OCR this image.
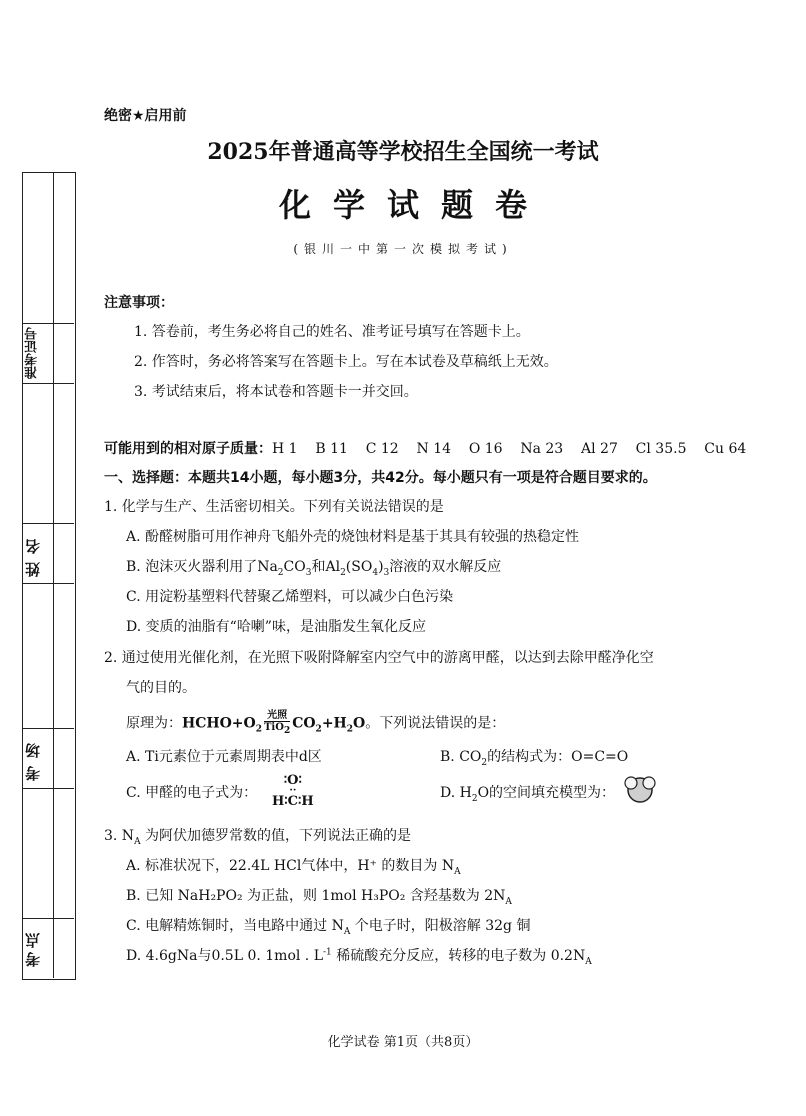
准考证号
姓名
考场
考点
绝密★启用前
2025年普通高等学校招生全国统一考试
化学试题卷
(银川一中第一次模拟考试)
注意事项：
1. 答卷前，考生务必将自己的姓名、准考证号填写在答题卡上。
2. 作答时，务必将答案写在答题卡上。写在本试卷及草稿纸上无效。
3. 考试结束后，将本试卷和答题卡一并交回。
可能用到的相对原子质量：H 1    B 11    C 12    N 14    O 16    Na 23    Al 27    Cl 35.5    Cu 64
一、选择题：本题共14小题，每小题3分，共42分。每小题只有一项是符合题目要求的。
1. 化学与生产、生活密切相关。下列有关说法错误的是
A. 酚醛树脂可用作神舟飞船外壳的烧蚀材料是基于其具有较强的热稳定性
B. 泡沫灭火器利用了$Na_2CO_3$和$Al_2(SO_4)_3$溶液的双水解反应
C. 用淀粉基塑料代替聚乙烯塑料，可以减少白色污染
D. 变质的油脂有“哈喇”味，是油脂发生氧化反应
2. 通过使用光催化剂，在光照下吸附降解室内空气中的游离甲醛，以达到去除甲醛净化空
气的目的。
原理为：$HCHO+O_2 \frac{\text{光照}}{TiO_2} CO_2+H_2O$。下列说法错误的是：
A. Ti元素位于元素周期表中d区	B. $CO_2$的结构式为：O=C=O
C. 甲醛的电子式为：
∶O∶
··
H∶C∶H
D. $H_2O$的空间填充模型为：
3. $N_A$ 为阿伏加德罗常数的值，下列说法正确的是
A. 标准状况下，22.4L HCl气体中，H⁺ 的数目为 $N_A$
B. 已知 NaH₂PO₂ 为正盐，则 1mol H₃PO₂ 含羟基数为 $2N_A$
C. 电解精炼铜时，当电路中通过 $N_A$ 个电子时，阳极溶解 32g 铜
D. 4.6gNa与0.5L 0. 1mol . $L^{-1}$ 稀硫酸充分反应，转移的电子数为 $0.2N_A$
化学试卷 第1页（共8页）
